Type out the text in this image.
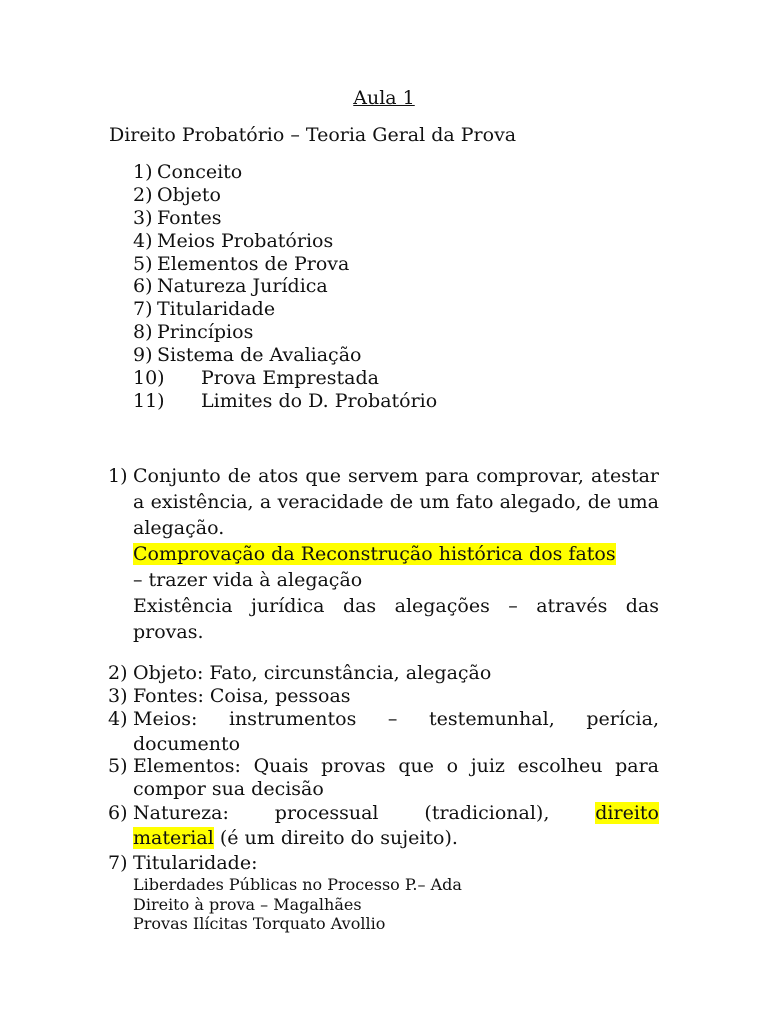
Aula 1
Direito Probatório – Teoria Geral da Prova
1) Conceito
2) Objeto
3) Fontes
4) Meios Probatórios
5) Elementos de Prova
6) Natureza Jurídica
7) Titularidade
8) Princípios
9) Sistema de Avaliação
10) Prova Emprestada
11) Limites do D. Probatório
1) Conjunto de atos que servem para comprovar, atestar a existência, a veracidade de um fato alegado, de uma alegação.
Comprovação da Reconstrução histórica dos fatos
– trazer vida à alegação
Existência jurídica das alegações – através das provas.
2) Objeto: Fato, circunstância, alegação
3) Fontes: Coisa, pessoas
4) Meios: instrumentos – testemunhal, perícia, documento
5) Elementos: Quais provas que o juiz escolheu para compor sua decisão
6) Natureza: processual (tradicional), direito
material (é um direito do sujeito).
7) Titularidade:
Liberdades Públicas no Processo P.– Ada
Direito à prova – Magalhães
Provas Ilícitas Torquato Avollio
